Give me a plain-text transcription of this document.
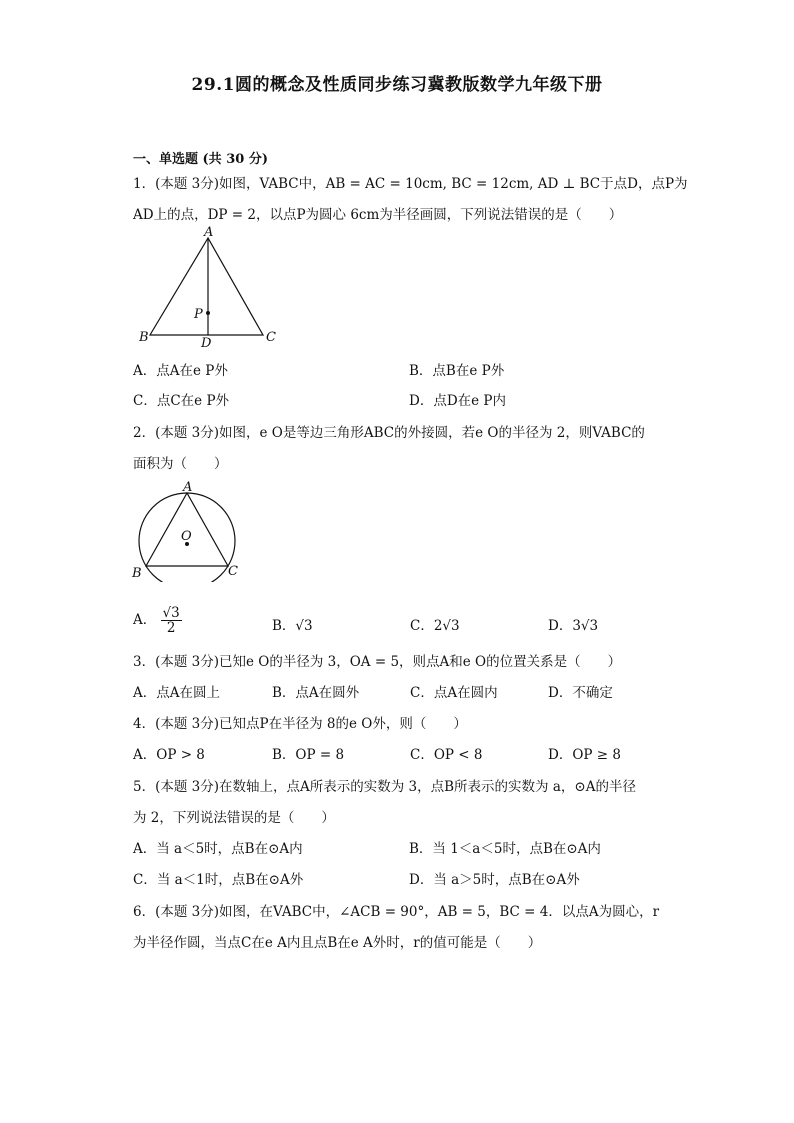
29.1圆的概念及性质同步练习冀教版数学九年级下册
一、单选题 (共 30 分)
1．(本题 3分)如图，VABC中，AB = AC = 10cm, BC = 12cm, AD ⊥ BC于点D，点P为
AD上的点，DP = 2，以点P为圆心 6cm为半径画圆，下列说法错误的是（　　）
A
B	C
D
P
A．点A在e P外	B．点B在e P外
C．点C在e P外	D．点D在e P内
2．(本题 3分)如图，e O是等边三角形ABC的外接圆，若e O的半径为 2，则VABC的
面积为（　　）
A
B	C
O
A． $\frac{√3}{2}$	B．√3	C．2√3	D．3√3
3．(本题 3分)已知e O的半径为 3，OA = 5，则点A和e O的位置关系是（　　）
A．点A在圆上	B．点A在圆外	C．点A在圆内	D．不确定
4．(本题 3分)已知点P在半径为 8的e O外，则（　　）
A．OP > 8	B．OP = 8	C．OP < 8	D．OP ≥ 8
5．(本题 3分)在数轴上，点A所表示的实数为 3，点B所表示的实数为 a，⊙A的半径
为 2，下列说法错误的是（　　）
A．当 a＜5时，点B在⊙A内	B．当 1＜a＜5时，点B在⊙A内
C．当 a＜1时，点B在⊙A外	D．当 a＞5时，点B在⊙A外
6．(本题 3分)如图，在VABC中，∠ACB = 90°，AB = 5，BC = 4．以点A为圆心，r
为半径作圆，当点C在e A内且点B在e A外时，r的值可能是（　　）
